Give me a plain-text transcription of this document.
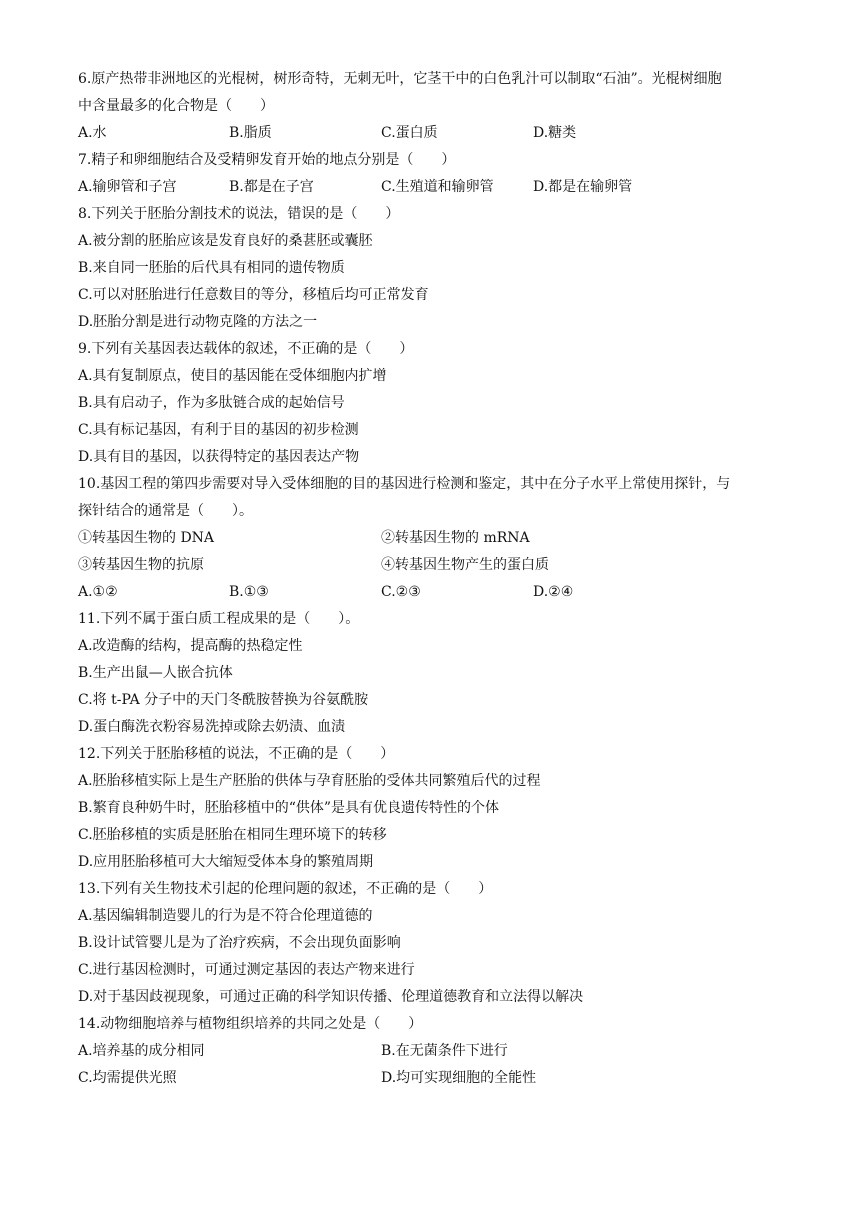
6.原产热带非洲地区的光棍树，树形奇特，无刺无叶，它茎干中的白色乳汁可以制取“石油”。光棍树细胞
中含量最多的化合物是（　　）
A.水	B.脂质	C.蛋白质	D.糖类
7.精子和卵细胞结合及受精卵发育开始的地点分别是（　　）
A.输卵管和子宫	B.都是在子宫	C.生殖道和输卵管	D.都是在输卵管
8.下列关于胚胎分割技术的说法，错误的是（　　）
A.被分割的胚胎应该是发育良好的桑葚胚或囊胚
B.来自同一胚胎的后代具有相同的遗传物质
C.可以对胚胎进行任意数目的等分，移植后均可正常发育
D.胚胎分割是进行动物克隆的方法之一
9.下列有关基因表达载体的叙述，不正确的是（　　）
A.具有复制原点，使目的基因能在受体细胞内扩增
B.具有启动子，作为多肽链合成的起始信号
C.具有标记基因，有利于目的基因的初步检测
D.具有目的基因，以获得特定的基因表达产物
10.基因工程的第四步需要对导入受体细胞的目的基因进行检测和鉴定，其中在分子水平上常使用探针，与
探针结合的通常是（　　）。
①转基因生物的 DNA	②转基因生物的 mRNA
③转基因生物的抗原	④转基因生物产生的蛋白质
A.①②	B.①③	C.②③	D.②④
11.下列不属于蛋白质工程成果的是（　　）。
A.改造酶的结构，提高酶的热稳定性
B.生产出鼠—人嵌合抗体
C.将 t-PA 分子中的天门冬酰胺替换为谷氨酰胺
D.蛋白酶洗衣粉容易洗掉或除去奶渍、血渍
12.下列关于胚胎移植的说法，不正确的是（　　）
A.胚胎移植实际上是生产胚胎的供体与孕育胚胎的受体共同繁殖后代的过程
B.繁育良种奶牛时，胚胎移植中的“供体”是具有优良遗传特性的个体
C.胚胎移植的实质是胚胎在相同生理环境下的转移
D.应用胚胎移植可大大缩短受体本身的繁殖周期
13.下列有关生物技术引起的伦理问题的叙述，不正确的是（　　）
A.基因编辑制造婴儿的行为是不符合伦理道德的
B.设计试管婴儿是为了治疗疾病，不会出现负面影响
C.进行基因检测时，可通过测定基因的表达产物来进行
D.对于基因歧视现象，可通过正确的科学知识传播、伦理道德教育和立法得以解决
14.动物细胞培养与植物组织培养的共同之处是（　　）
A.培养基的成分相同	B.在无菌条件下进行
C.均需提供光照	D.均可实现细胞的全能性
